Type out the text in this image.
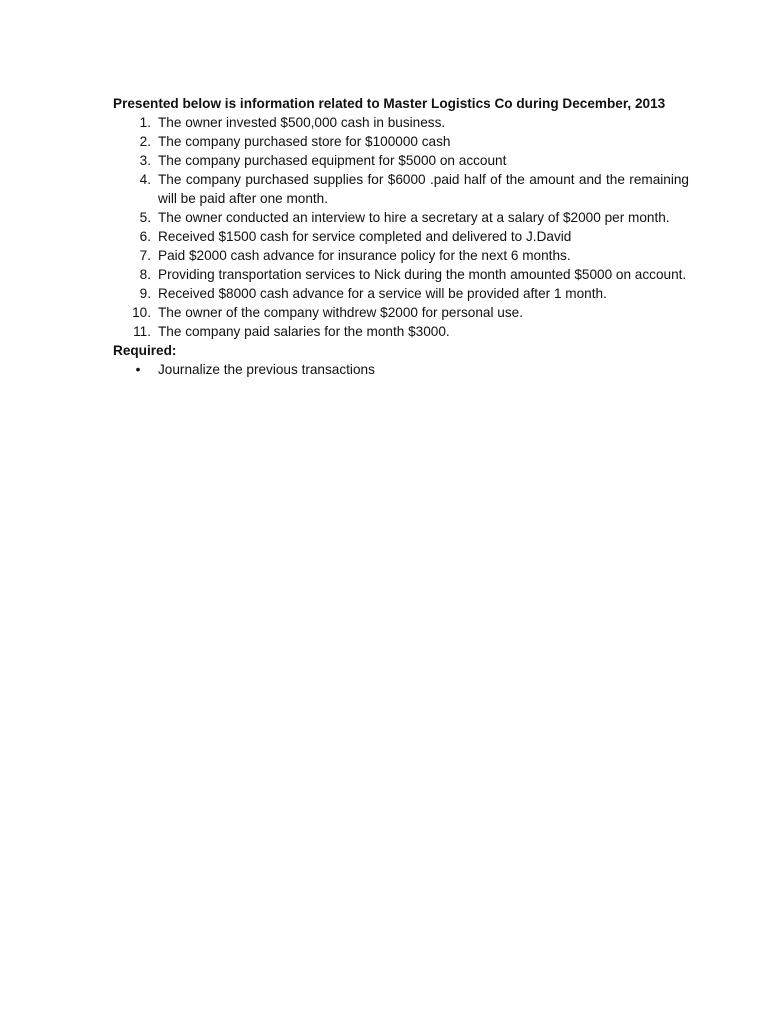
Presented below is information related to Master Logistics Co during December, 2013

1. The owner invested $500,000 cash in business.
2. The company purchased store for $100000 cash
3. The company purchased equipment for $5000 on account
4. The company purchased supplies for $6000 .paid half of the amount and the remaining will be paid after one month.
5. The owner conducted an interview to hire a secretary at a salary of $2000 per month.
6. Received $1500 cash for service completed and delivered to J.David
7. Paid $2000 cash advance for insurance policy for the next 6 months.
8. Providing transportation services to Nick during the month amounted $5000 on account.
9. Received $8000 cash advance for a service will be provided after 1 month.
10. The owner of the company withdrew $2000 for personal use.
11. The company paid salaries for the month $3000.

Required:

• Journalize the previous transactions
